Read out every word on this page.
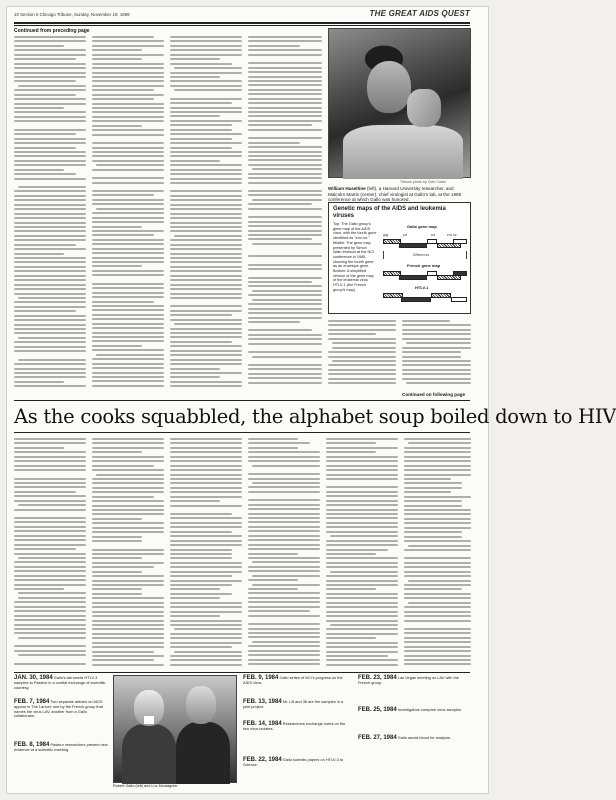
10 Section 5 Chicago Tribune, Sunday, November 19, 1989	THE GREAT AIDS QUEST
Continued from preceding page
Tribune photo by Ovie Carter
William Haseltine (left), a Harvard University researcher, and Malcolm Martin (center), chief virologist at Gallo's lab, at the 1985 conference at which Gallo was honored.
Genetic maps of the AIDS and leukemia viruses
Top: The Gallo group's gene map of the AIDS virus, with the fourth gene identified as "env-lor." Middle: The gene map presented by Simon Wain-Hobson at the NCI conference in 1985, showing the fourth gene as an envelope gene. Bottom: A simplified version of the gene map of the leukemia virus HTLV-1 (the French group's map).
Gallo gene map
gag	pol	sor	env-lor
Differences
French gene map
HTLV-1
Continued on following page
As the cooks squabbled, the alphabet soup boiled down to HIV
JAN. 30, 1984 Gallo's lab sends HTLV-3 samples to Pasteur in a cordial exchange of scientific courtesy.
FEB. 7, 1984 Two separate articles on AIDS appear in The Lancet: one by the French group that names the virus LAV, another from a Gallo collaborator.
FEB. 8, 1984 Pasteur researchers present new evidence at a scientific meeting.
Robert Gallo (left) and Luc Montagnier
FEB. 9, 1984 Gallo writes of NCI's progress on the AIDS virus.
FEB. 13, 1984 Mr. LB and 36 are the samples in a joint project.
FEB. 14, 1984 Researchers exchange notes on the two virus isolates.
FEB. 22, 1984 Gallo submits papers on HTLV-3 to Science.
FEB. 23, 1984 Las Vegas meeting on LAV with the French group.
FEB. 25, 1984 Investigators compare virus samples.
FEB. 27, 1984 Gallo sends blood for analysis.
